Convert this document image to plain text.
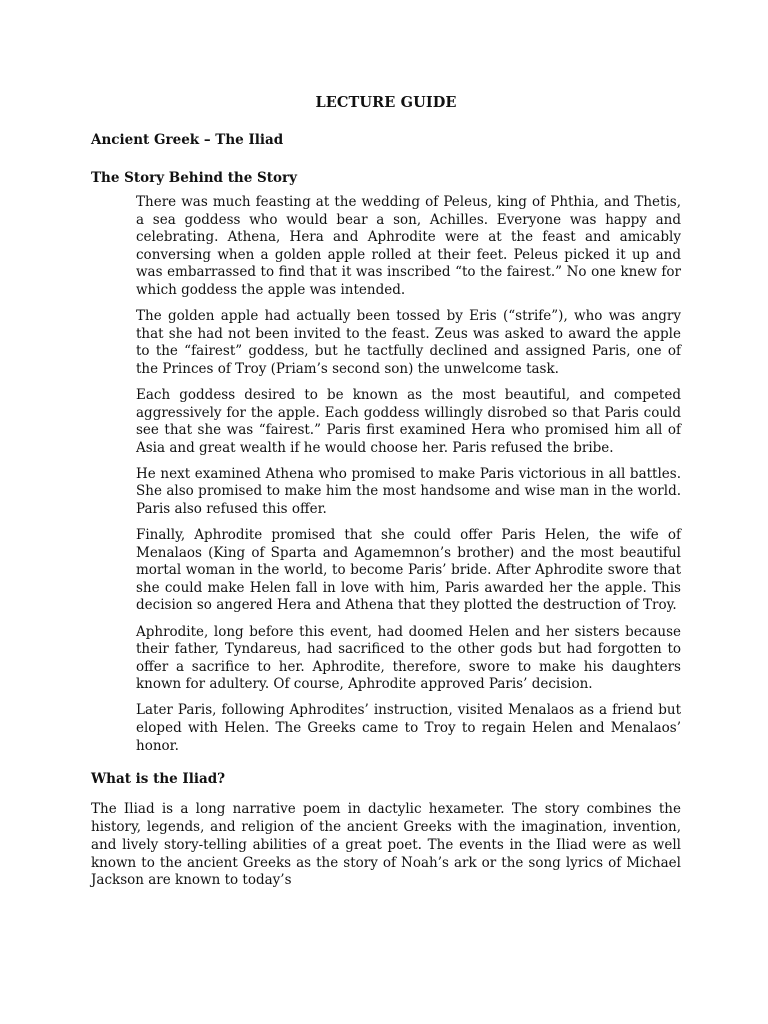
LECTURE GUIDE
Ancient Greek – The Iliad
The Story Behind the Story
There was much feasting at the wedding of Peleus, king of Phthia, and Thetis, a sea goddess who would bear a son, Achilles. Everyone was happy and celebrating. Athena, Hera and Aphrodite were at the feast and amicably conversing when a golden apple rolled at their feet. Peleus picked it up and was embarrassed to find that it was inscribed “to the fairest.” No one knew for which goddess the apple was intended.
The golden apple had actually been tossed by Eris (“strife”), who was angry that she had not been invited to the feast. Zeus was asked to award the apple to the “fairest” goddess, but he tactfully declined and assigned Paris, one of the Princes of Troy (Priam’s second son) the unwelcome task.
Each goddess desired to be known as the most beautiful, and competed aggressively for the apple. Each goddess willingly disrobed so that Paris could see that she was “fairest.” Paris first examined Hera who promised him all of Asia and great wealth if he would choose her. Paris refused the bribe.
He next examined Athena who promised to make Paris victorious in all battles. She also promised to make him the most handsome and wise man in the world. Paris also refused this offer.
Finally, Aphrodite promised that she could offer Paris Helen, the wife of Menalaos (King of Sparta and Agamemnon’s brother) and the most beautiful mortal woman in the world, to become Paris’ bride. After Aphrodite swore that she could make Helen fall in love with him, Paris awarded her the apple. This decision so angered Hera and Athena that they plotted the destruction of Troy.
Aphrodite, long before this event, had doomed Helen and her sisters because their father, Tyndareus, had sacrificed to the other gods but had forgotten to offer a sacrifice to her. Aphrodite, therefore, swore to make his daughters known for adultery. Of course, Aphrodite approved Paris’ decision.
Later Paris, following Aphrodites’ instruction, visited Menalaos as a friend but eloped with Helen. The Greeks came to Troy to regain Helen and Menalaos’ honor.
What is the Iliad?

The Iliad is a long narrative poem in dactylic hexameter. The story combines the history, legends, and religion of the ancient Greeks with the imagination, invention, and lively story-telling abilities of a great poet. The events in the Iliad were as well known to the ancient Greeks as the story of Noah’s ark or the song lyrics of Michael Jackson are known to today’s
